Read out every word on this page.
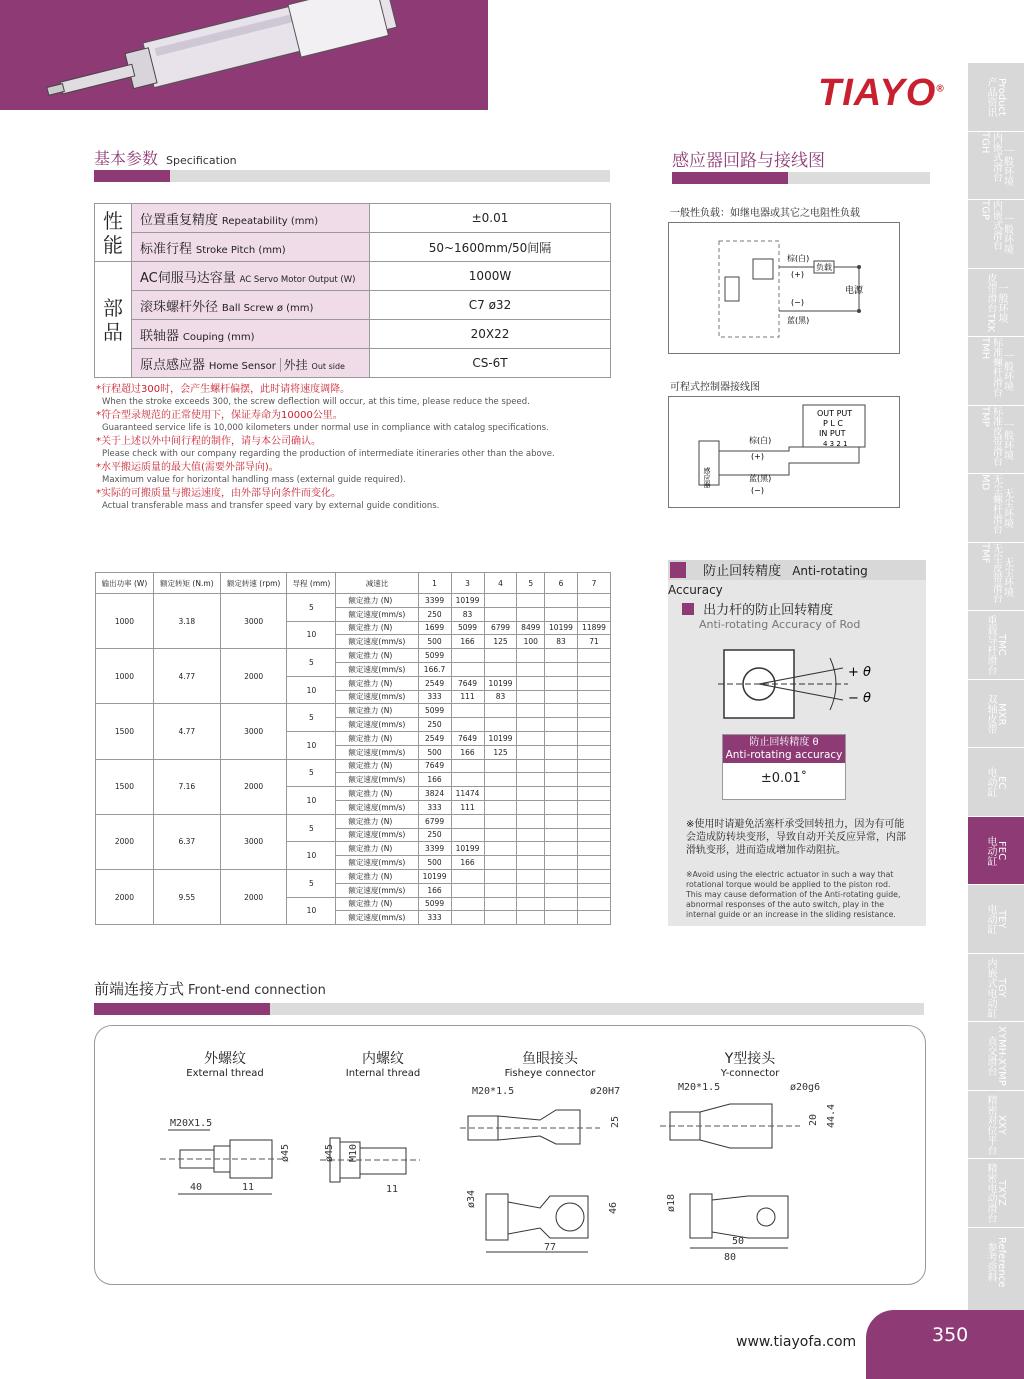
TIAYO®	产品资讯 Product
内嵌式滑台TGH
一般环境
内嵌式滑台TGP
一般环境
皮带滑台TKK 一般环境
标准螺杆滑台TMH
一般环境
标准皮带滑台TMP
一般环境
无尘螺杆滑台MD
无尘环境
无尘皮带滑台TMF
无尘环境
重载导杆滑台 TMC
双轴皮带 MXR
电动缸 EC
电动缸 FEC
电动缸 TEY
内嵌式电动缸 TGY
直交滑台 XYMH-XYMP
精密对位平台 XXY
精密电动滑台 TXYZ
参考资料 Reference
基本参数 Specification
性能	位置重复精度 Repeatability (mm)	±0.01
	标准行程 Stroke Pitch (mm)	50~1600mm/50间隔
部品	AC伺服马达容量 AC Servo Motor Output (W)	1000W
	滚珠螺杆外径 Ball Screw ø (mm)	C7 ø32
	联轴器 Couping (mm)	20X22
	原点感应器 Home Sensor 外挂 Out side	CS-6T
*行程超过300时，会产生螺杆偏摆，此时请将速度调降。
When the stroke exceeds 300, the screw deflection will occur, at this time, please reduce the speed.
*符合型录规范的正常使用下，保证寿命为10000公里。
Guaranteed service life is 10,000 kilometers under normal use in compliance with catalog specifications.
*关于上述以外中间行程的制作，请与本公司确认。
Please check with our company regarding the production of intermediate itineraries other than the above.
*水平搬运质量的最大值(需要外部导向)。
Maximum value for horizontal handling mass (external guide required).
*实际的可搬质量与搬运速度，由外部导向条件而变化。
Actual transferable mass and transfer speed vary by external guide conditions.
输出功率 (W)	额定转矩 (N.m)	额定转速 (rpm)	导程 (mm)	减速比	1	3	4	5	6	7
1000	3.18	3000	5	额定推力 (N)	3399	10199				
				额定速度(mm/s)	250	83				
			10	额定推力 (N)	1699	5099	6799	8499	10199	11899
				额定速度(mm/s)	500	166	125	100	83	71
1000	4.77	2000	5	额定推力 (N)	5099					
				额定速度(mm/s)	166.7					
			10	额定推力 (N)	2549	7649	10199			
				额定速度(mm/s)	333	111	83			
1500	4.77	3000	5	额定推力 (N)	5099					
				额定速度(mm/s)	250					
			10	额定推力 (N)	2549	7649	10199			
				额定速度(mm/s)	500	166	125			
1500	7.16	2000	5	额定推力 (N)	7649					
				额定速度(mm/s)	166					
			10	额定推力 (N)	3824	11474				
				额定速度(mm/s)	333	111				
2000	6.37	3000	5	额定推力 (N)	6799					
				额定速度(mm/s)	250					
			10	额定推力 (N)	3399	10199				
				额定速度(mm/s)	500	166				
2000	9.55	2000	5	额定推力 (N)	10199					
				额定速度(mm/s)	166					
			10	额定推力 (N)	5099					
				额定速度(mm/s)	333					
感应器回路与接线图
一般性负载：如继电器或其它之电阻性负载
棕(白)
(+)
(−)
蓝(黑)
负载
电源
可程式控制器接线图
OUT PUT
P L C
IN PUT
4 3 2 1
感应器
棕(白)
(+)
蓝(黑)
(−)
防止回转精度 Anti-rotating Accuracy
出力杆的防止回转精度
Anti-rotating Accuracy of Rod
+ θ
− θ
防止回转精度 θ
Anti-rotating accuracy
±0.01˚
※使用时请避免活塞杆承受回转扭力，因为有可能会造成防转块变形，导致自动开关反应异常，内部滑轨变形，进而造成增加作动阻抗。
※Avoid using the electric actuator in such a way that rotational torque would be applied to the piston rod. This may cause deformation of the Anti-rotating guide, abnormal responses of the auto switch, play in the internal guide or an increase in the sliding resistance.
前端连接方式 Front-end connection
外螺纹
External thread
内螺纹
Internal thread
鱼眼接头
Fisheye connector
Y型接头
Y-connector
M20X1.5
ø45
40	11
ø45 M10
11
M20*1.5	ø20H7
25
ø34	46
77
M20*1.5	ø20g6
20 44.4
ø18
50
80
www.tiayofa.com	350
